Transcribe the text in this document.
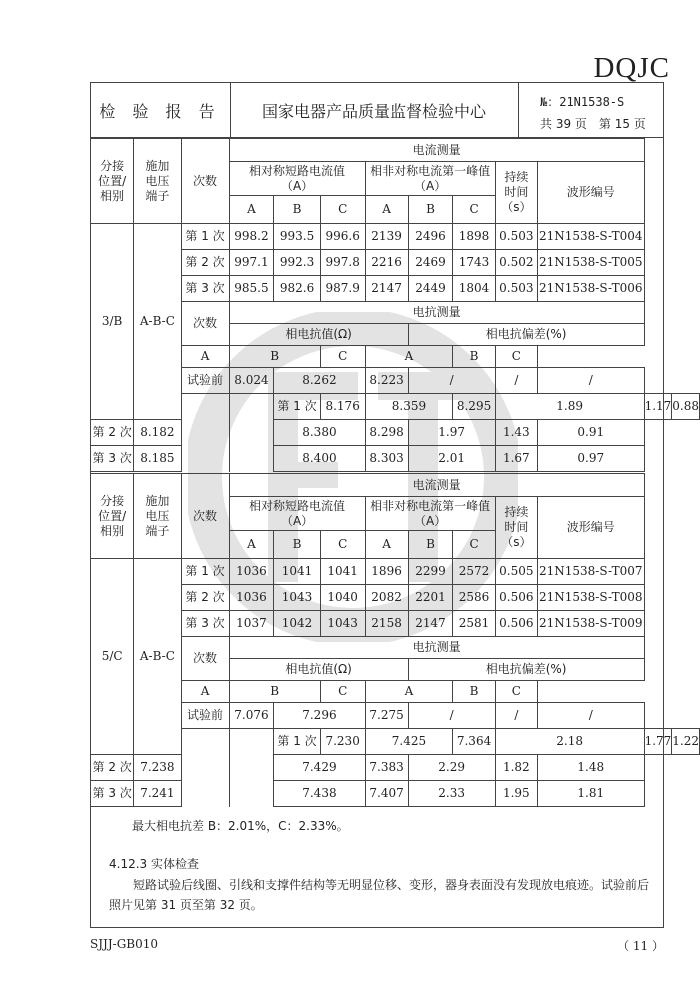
DQJC
检 验 报 告	国家电器产品质量监督检验中心	№：21N1538-S
共 39 页　第 15 页
分接
位置/
相别	施加
电压
端子	次数	电流测量									
			相对称短路电流值
（A）			相非对称电流第一峰值
（A）			持续
时间
（s）	波形编号		
			A	B	C	A	B	C				
3/B	A-B-C	第 1 次	998.2	993.5	996.6	2139	2496	1898	0.503	21N1538-S-T004		
		第 2 次	997.1	992.3	997.8	2216	2469	1743	0.502	21N1538-S-T005		
		第 3 次	985.5	982.6	987.9	2147	2449	1804	0.503	21N1538-S-T006		
		次数	电抗测量									
			相电抗值(Ω)				相电抗偏差(%)					
		A	B		C	A		B	C			
		试验前	8.024	8.262		8.223	/		/	/		
				第 1 次	8.176	8.359		8.295	1.89		1.17	0.88
第 2 次	8.182			8.380		8.298	1.97		1.43	0.91		
第 3 次	8.185			8.400		8.303	2.01		1.67	0.97		
分接
位置/
相别	施加
电压
端子	次数	电流测量									
			相对称短路电流值
（A）			相非对称电流第一峰值
（A）			持续
时间
（s）	波形编号		
			A	B	C	A	B	C				
5/C	A-B-C	第 1 次	1036	1041	1041	1896	2299	2572	0.505	21N1538-S-T007		
		第 2 次	1036	1043	1040	2082	2201	2586	0.506	21N1538-S-T008		
		第 3 次	1037	1042	1043	2158	2147	2581	0.506	21N1538-S-T009		
		次数	电抗测量									
			相电抗值(Ω)				相电抗偏差(%)					
		A	B		C	A		B	C			
		试验前	7.076	7.296		7.275	/		/	/		
				第 1 次	7.230	7.425		7.364	2.18		1.77	1.22
第 2 次	7.238			7.429		7.383	2.29		1.82	1.48		
第 3 次	7.241			7.438		7.407	2.33		1.95	1.81		
最大相电抗差 B：2.01%，C：2.33%。
4.12.3 实体检查
短路试验后线圈、引线和支撑件结构等无明显位移、变形，器身表面没有发现放电痕迹。试验前后照片见第 31 页至第 32 页。
SJJJ-GB010	（ 11 ）
